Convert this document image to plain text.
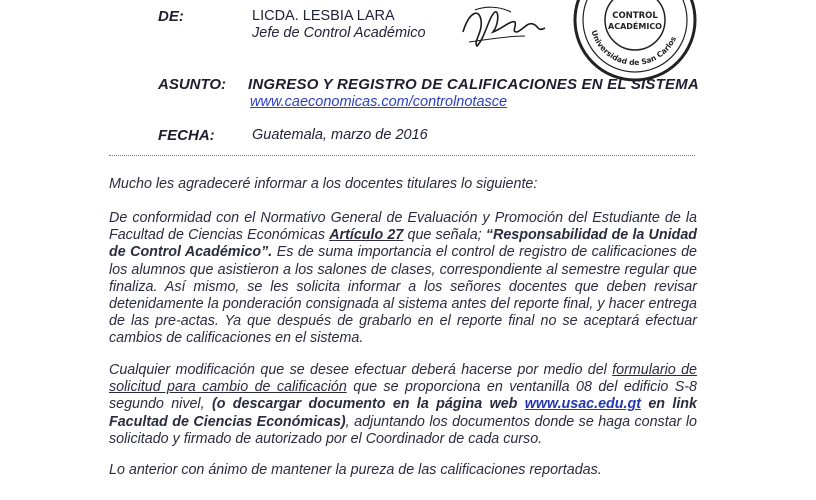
DE:	LICDA. LESBIA LARA
Jefe de Control Académico
CONTROL
ACADÉMICO
Universidad de San Carlos
ASUNTO: INGRESO Y REGISTRO DE CALIFICACIONES EN EL SISTEMA
www.caeconomicas.com/controlnotasce
FECHA:	Guatemala, marzo de 2016
Mucho les agradeceré informar a los docentes titulares lo siguiente:
De conformidad con el Normativo General de Evaluación y Promoción del Estudiante de la Facultad de Ciencias Económicas Artículo 27 que señala; “Responsabilidad de la Unidad de Control Académico”. Es de suma importancia el control de registro de calificaciones de los alumnos que asistieron a los salones de clases, correspondiente al semestre regular que finaliza. Así mismo, se les solicita informar a los señores docentes que deben revisar detenidamente la ponderación consignada al sistema antes del reporte final, y hacer entrega de las pre-actas. Ya que después de grabarlo en el reporte final no se aceptará efectuar cambios de calificaciones en el sistema.
Cualquier modificación que se desee efectuar deberá hacerse por medio del formulario de solicitud para cambio de calificación que se proporciona en ventanilla 08 del edificio S-8 segundo nivel, (o descargar documento en la página web www.usac.edu.gt en link Facultad de Ciencias Económicas), adjuntando los documentos donde se haga constar lo solicitado y firmado de autorizado por el Coordinador de cada curso.
Lo anterior con ánimo de mantener la pureza de las calificaciones reportadas.
